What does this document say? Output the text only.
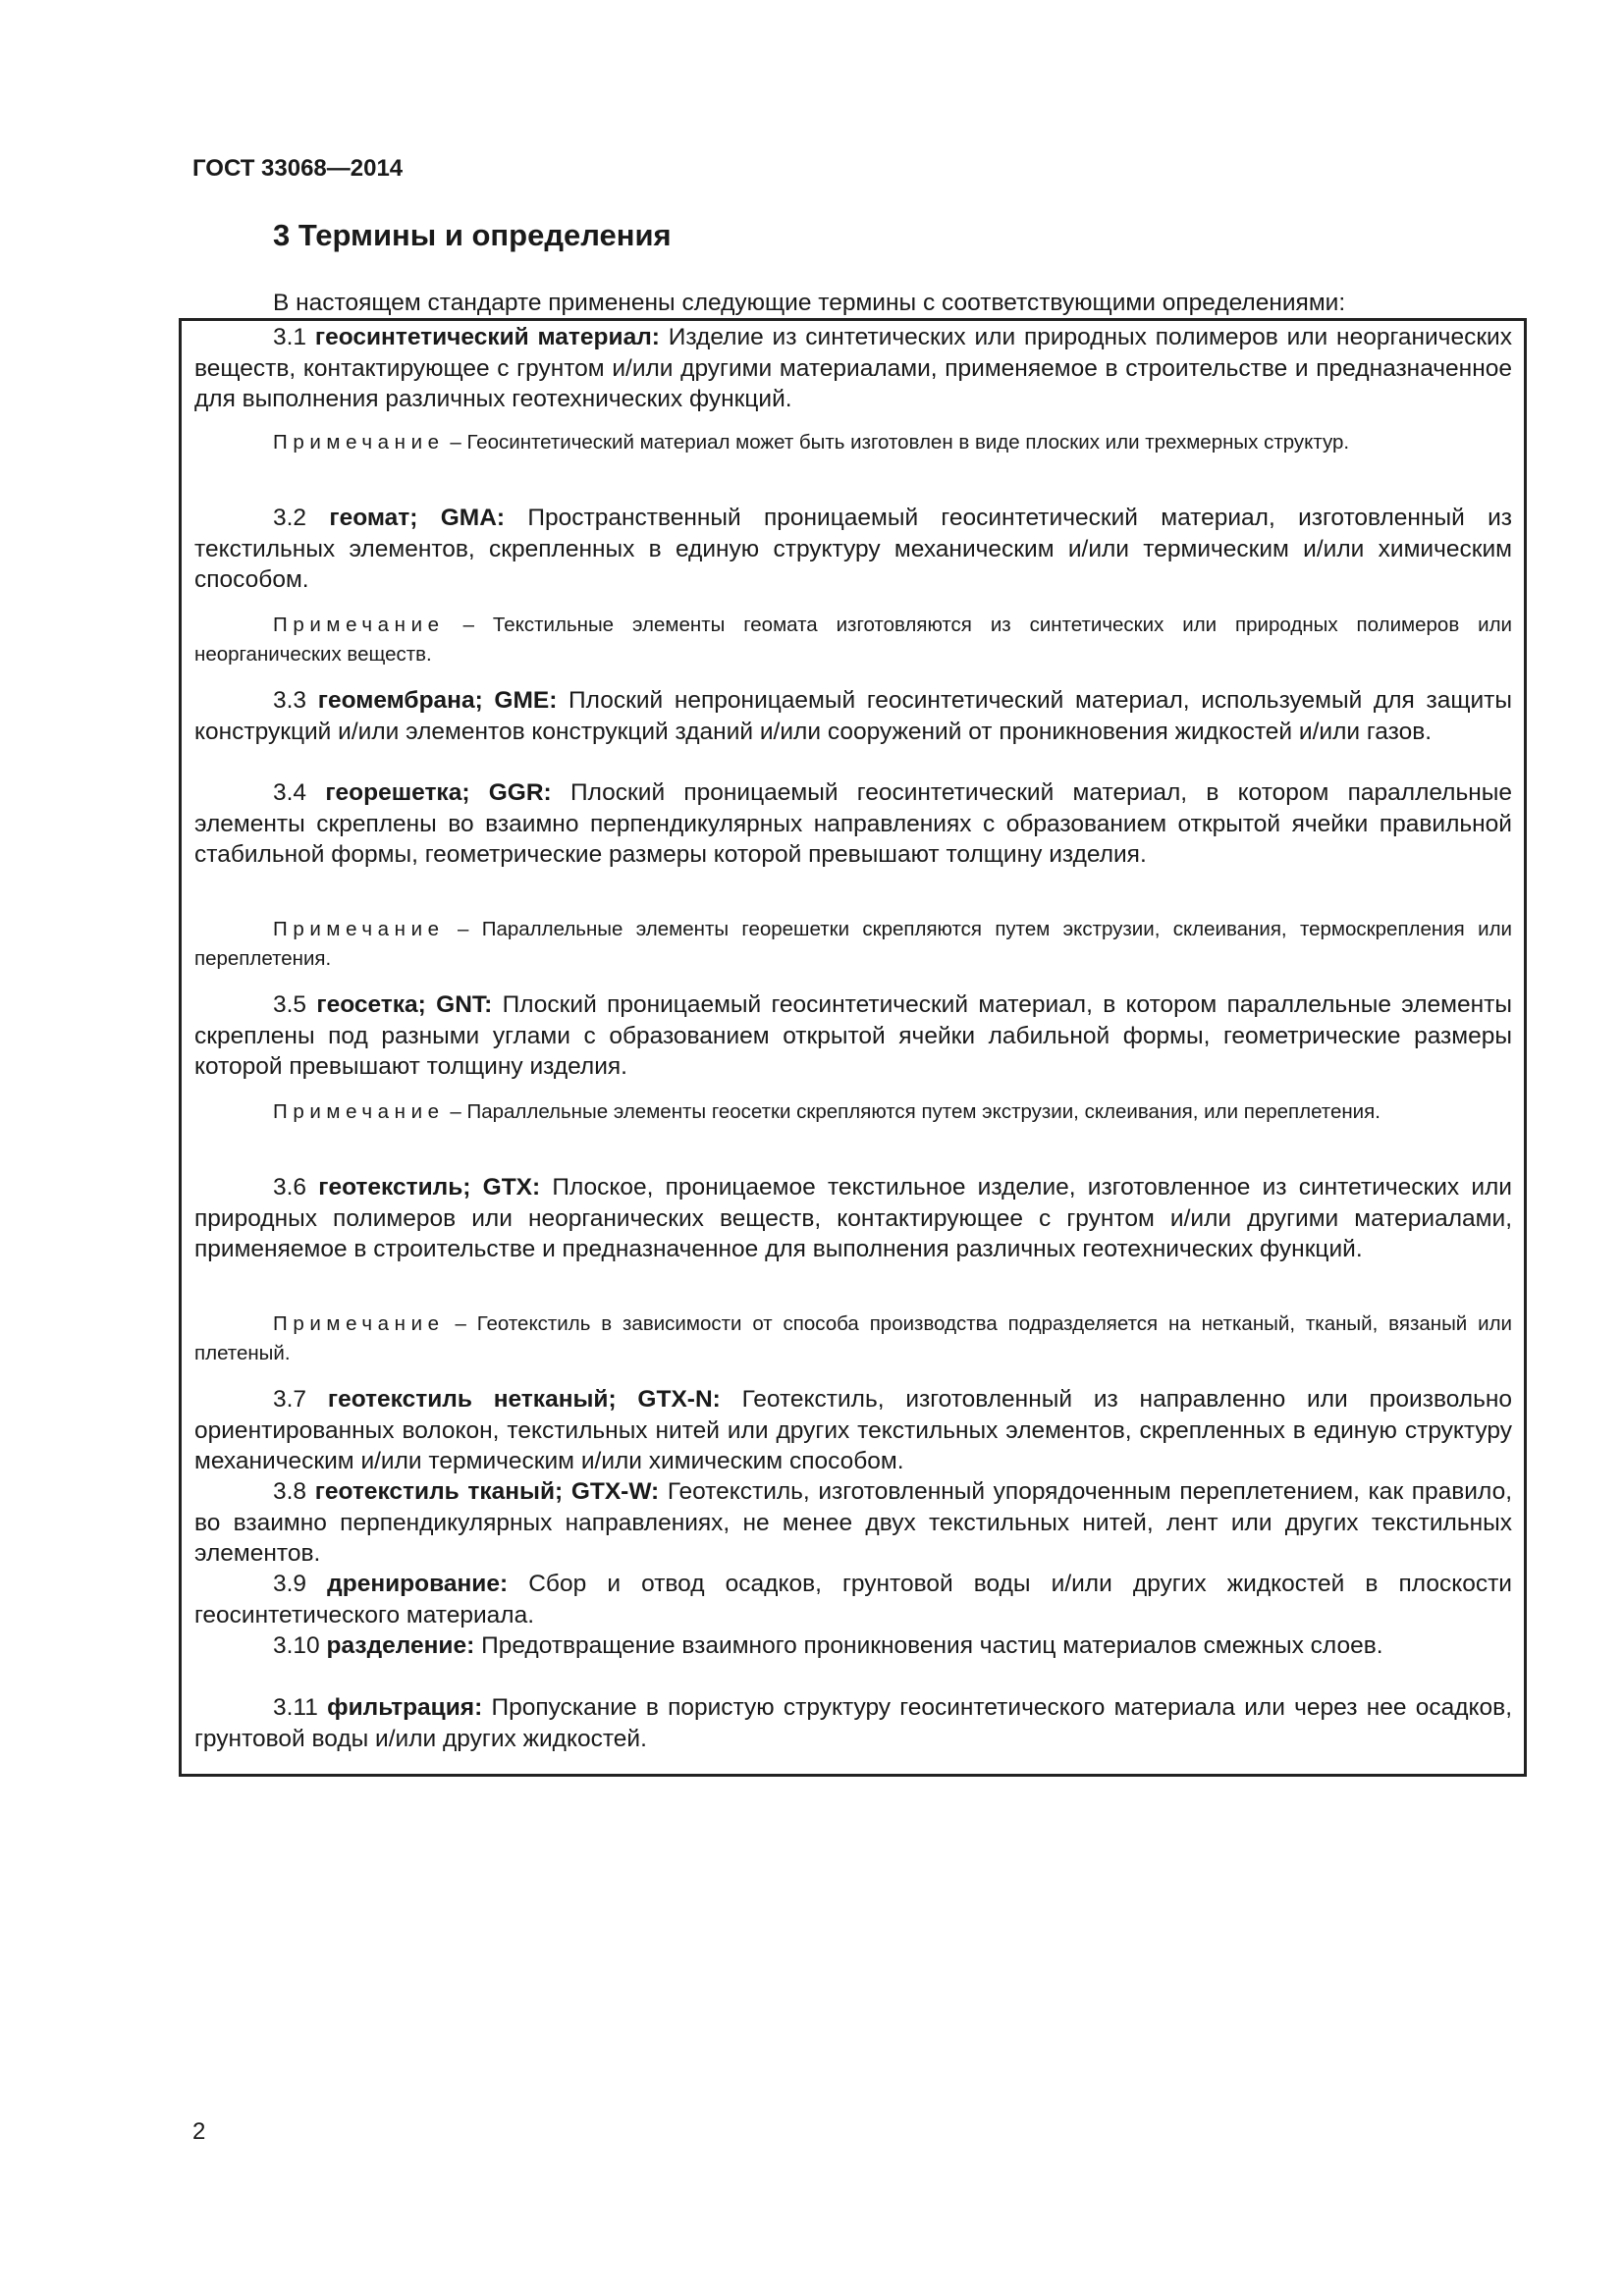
ГОСТ 33068—2014
3 Термины и определения
В настоящем стандарте применены следующие термины с соответствующими определениями:
3.1 геосинтетический материал: Изделие из синтетических или природных полимеров или неорганических веществ, контактирующее с грунтом и/или другими материалами, применяемое в строительстве и предназначенное для выполнения различных геотехнических функций.
Примечание – Геосинтетический материал может быть изготовлен в виде плоских или трехмерных структур.
3.2 геомат; GMA: Пространственный проницаемый геосинтетический материал, изготовленный из текстильных элементов, скрепленных в единую структуру механическим и/или термическим и/или химическим способом.
Примечание – Текстильные элементы геомата изготовляются из синтетических или природных полимеров или неорганических веществ.
3.3 геомембрана; GME: Плоский непроницаемый геосинтетический материал, используемый для защиты конструкций и/или элементов конструкций зданий и/или сооружений от проникновения жидкостей и/или газов.
3.4 георешетка; GGR: Плоский проницаемый геосинтетический материал, в котором параллельные элементы скреплены во взаимно перпендикулярных направлениях с образованием открытой ячейки правильной стабильной формы, геометрические размеры которой превышают толщину изделия.
Примечание – Параллельные элементы георешетки скрепляются путем экструзии, склеивания, термоскрепления или переплетения.
3.5 геосетка; GNT: Плоский проницаемый геосинтетический материал, в котором параллельные элементы скреплены под разными углами с образованием открытой ячейки лабильной формы, геометрические размеры которой превышают толщину изделия.
Примечание – Параллельные элементы геосетки скрепляются путем экструзии, склеивания, или переплетения.
3.6 геотекстиль; GTX: Плоское, проницаемое текстильное изделие, изготовленное из синтетических или природных полимеров или неорганических веществ, контактирующее с грунтом и/или другими материалами, применяемое в строительстве и предназначенное для выполнения различных геотехнических функций.
Примечание – Геотекстиль в зависимости от способа производства подразделяется на нетканый, тканый, вязаный или плетеный.
3.7 геотекстиль нетканый; GTX-N: Геотекстиль, изготовленный из направленно или произвольно ориентированных волокон, текстильных нитей или других текстильных элементов, скрепленных в единую структуру механическим и/или термическим и/или химическим способом.
3.8 геотекстиль тканый; GTX-W: Геотекстиль, изготовленный упорядоченным переплетением, как правило, во взаимно перпендикулярных направлениях, не менее двух текстильных нитей, лент или других текстильных элементов.
3.9 дренирование: Сбор и отвод осадков, грунтовой воды и/или других жидкостей в плоскости геосинтетического материала.
3.10 разделение: Предотвращение взаимного проникновения частиц материалов смежных слоев.
3.11 фильтрация: Пропускание в пористую структуру геосинтетического материала или через нее осадков, грунтовой воды и/или других жидкостей.
2
